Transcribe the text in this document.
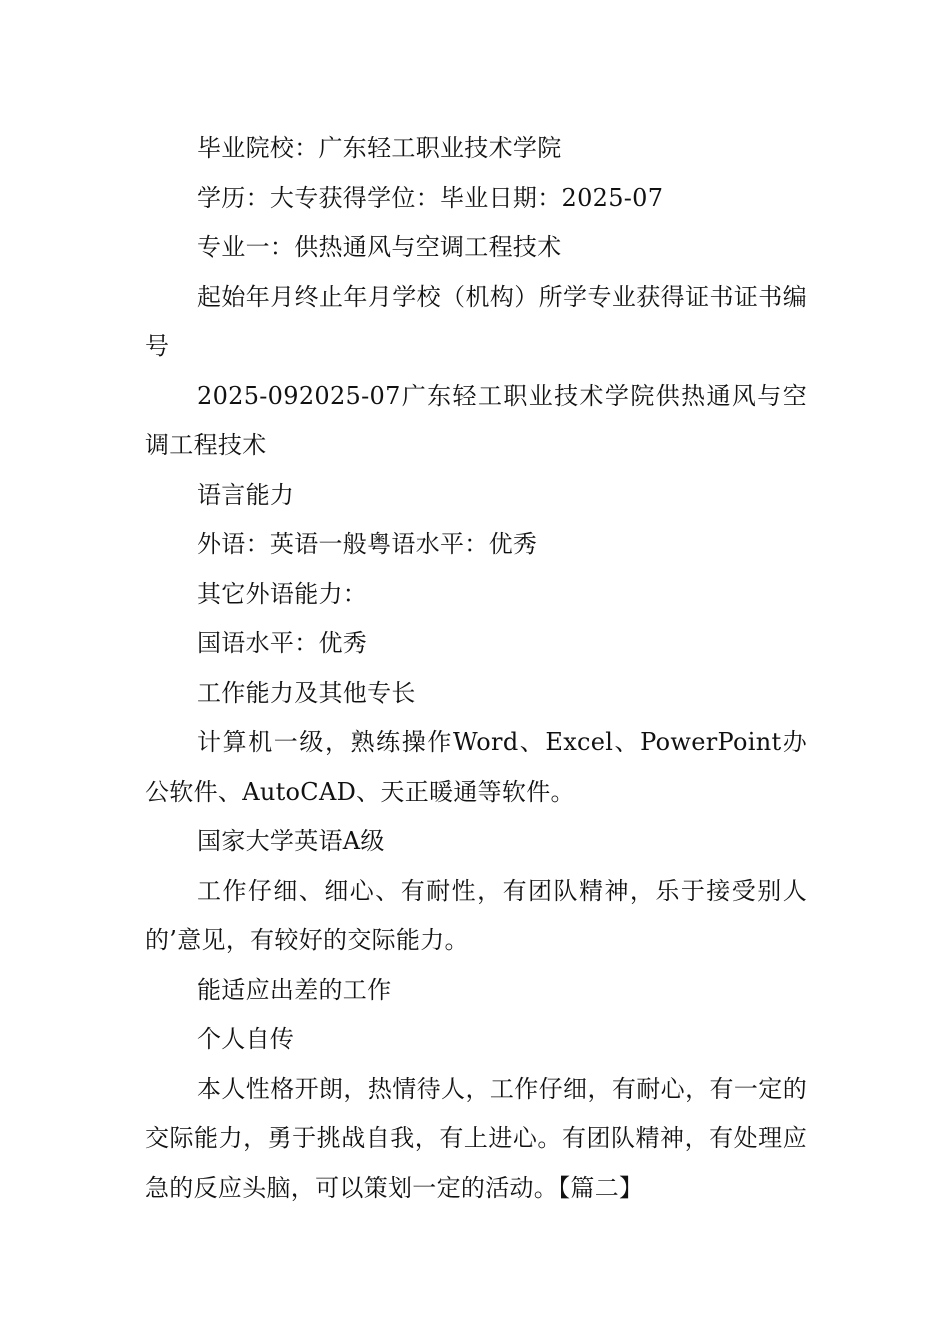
毕业院校：广东轻工职业技术学院

学历：大专获得学位：毕业日期：2025-07

专业一：供热通风与空调工程技术

起始年月终止年月学校（机构）所学专业获得证书证书编号

2025-092025-07广东轻工职业技术学院供热通风与空调工程技术

语言能力

外语：英语一般粤语水平：优秀

其它外语能力：

国语水平：优秀

工作能力及其他专长

计算机一级，熟练操作Word、Excel、PowerPoint办公软件、AutoCAD、天正暖通等软件。

国家大学英语A级

工作仔细、细心、有耐性，有团队精神，乐于接受别人的’意见，有较好的交际能力。

能适应出差的工作

个人自传

本人性格开朗，热情待人，工作仔细，有耐心，有一定的交际能力，勇于挑战自我，有上进心。有团队精神，有处理应急的反应头脑，可以策划一定的活动。【篇二】
